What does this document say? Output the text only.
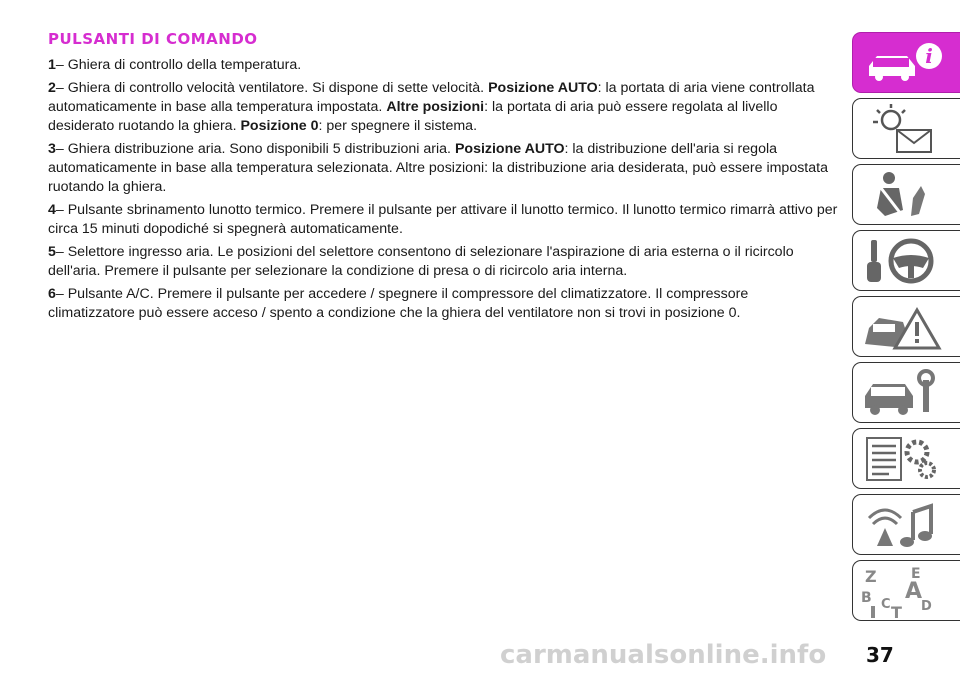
PULSANTI DI COMANDO

1– Ghiera di controllo della temperatura.

2– Ghiera di controllo velocità ventilatore. Si dispone di sette velocità. Posizione AUTO: la portata di aria viene controllata automaticamente in base alla temperatura impostata. Altre posizioni: la portata di aria può essere regolata al livello desiderato ruotando la ghiera. Posizione 0: per spegnere il sistema.

3– Ghiera distribuzione aria. Sono disponibili 5 distribuzioni aria. Posizione AUTO: la distribuzione dell'aria si regola automaticamente in base alla temperatura selezionata. Altre posizioni: la distribuzione aria desiderata, può essere impostata ruotando la ghiera.

4– Pulsante sbrinamento lunotto termico. Premere il pulsante per attivare il lunotto termico. Il lunotto termico rimarrà attivo per circa 15 minuti dopodiché si spegnerà automaticamente.

5– Selettore ingresso aria. Le posizioni del selettore consentono di selezionare l'aspirazione di aria esterna o il ricircolo dell'aria. Premere il pulsante per selezionare la condizione di presa o di ricircolo aria interna.

6– Pulsante A/C. Premere il pulsante per accedere / spegnere il compressore del climatizzatore. Il compressore climatizzatore può essere acceso / spento a condizione che la ghiera del ventilatore non si trovi in posizione 0.

i
Z E
B A
C D
T
carmanualsonline.info 37
